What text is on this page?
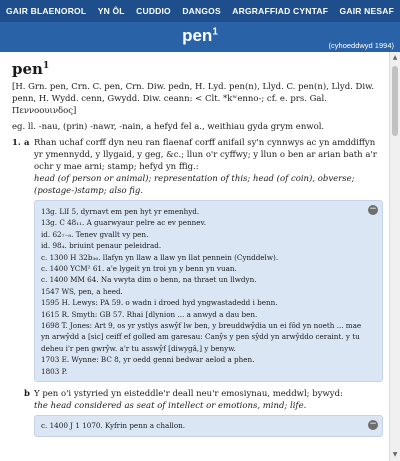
GAIR BLAENOROL YN ÔL CUDDIO DANGOS ARGRAFFIAD CYNTAF GAIR NESAF
pen$^1$
(cyhoeddwyd 1994)
pen$^1$
[H. Grn. pen, Crn. C. pen, Crn. Diw. pedn, H. Lyd. pen(n), Llyd. C. pen(n), Llyd. Diw. penn, H. Wydd. cenn, Gwydd. Diw. ceann: < Clt. *kʷenno-; cf. e. prs. Gal. Πεννοουινδος]
eg. ll. -nau, (prin) -nawr, -nain, a hefyd fel a., weithiau gyda grym enwol.
1. a Rhan uchaf corff dyn neu ran flaenaf corff anifail sy'n cynnwys ac yn amddiffyn yr ymennydd, y llygaid, y geg, &c.; llun o'r cyffwy; y llun o ben ar arian bath a'r ochr y mae arni; stamp; hefyd yn ffig.:
head (of person or animal); representation of this; head (of coin), obverse; (postage-)stamp; also fig.
−
13g. LlI 5, dyrnavt em pen hyt yr emenhyd.
13g. C 48₁₁. A guarwyaur pelre ac ev pennev.
id. 62₇₋₈. Tenev gvallt vy pen.
id. 98₄. briuint penaur peleidrad.
c. 1300 H 32b₃₆. llafyn yn llaw a llaw yn llat pennein (Cynddelw).
c. 1400 YCM² 61. a'e lygeit yn troi yn y benn yn vuan.
c. 1400 MM 64. Na vwyta dim o benn, na thraet un llwdyn.
1547 WS, pen, a heed.
1595 H. Lewys: PA 59. o wadn i droed hyd yngwastadedd i benn.
1615 R. Smyth: GB 57. Rhai [dlynion ... a anwyd a dau ben.
1698 T. Jones: Art 9, os yr ystlys aswŷf lw ben, y breuddwŷdia un ei fôd yn noeth ... mae yn arwŷdd a [sic] ceiff ef golled am garesau: Canŷs y pen sŷdd yn arwŷddo ceraint. y tu deheu i'r pen gwrŷw. a'r tu asswŷf [diwygâ,] y benyw.
1703 E. Wynne: BC 8, yr oedd genni bedwar aelod a phen.
1803 P.
b Y pen o'i ystyried yn eisteddle'r deall neu'r emosiynau, meddwl; bywyd:
the head considered as seat of intellect or emotions, mind; life.
−
c. 1400 J 1 1070. Kyfrin penn a challon.
▲
▼
